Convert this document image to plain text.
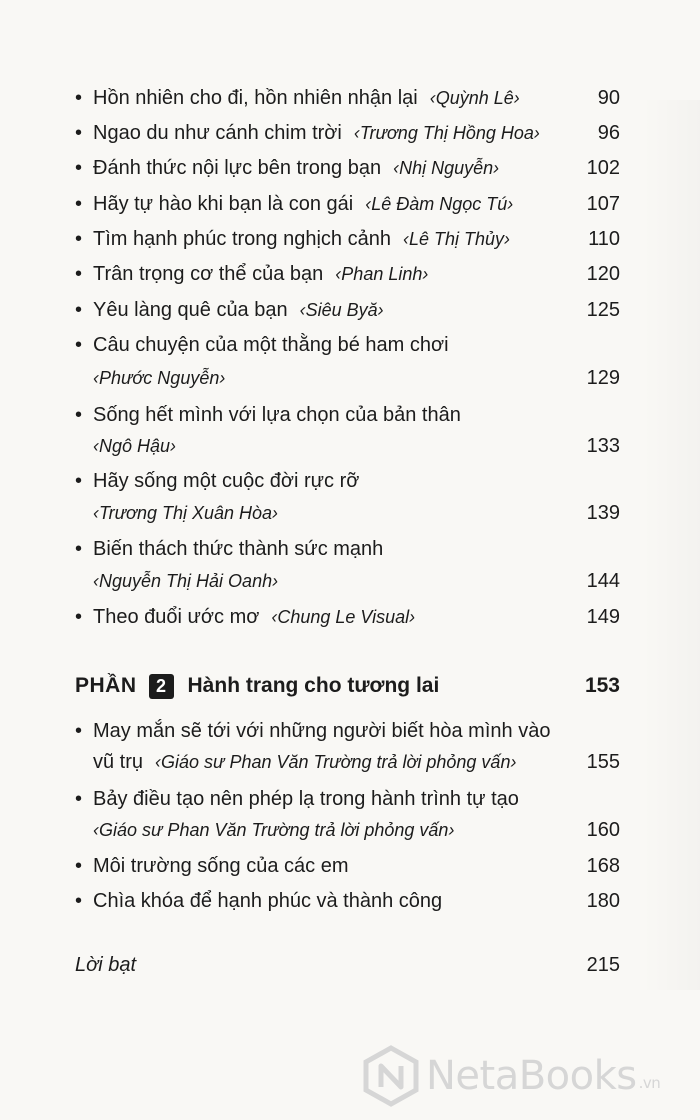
• Hồn nhiên cho đi, hồn nhiên nhận lại ‹Quỳnh Lê›	90
• Ngao du như cánh chim trời ‹Trương Thị Hồng Hoa›	96
• Đánh thức nội lực bên trong bạn ‹Nhị Nguyễn›	102
• Hãy tự hào khi bạn là con gái ‹Lê Đàm Ngọc Tú›	107
• Tìm hạnh phúc trong nghịch cảnh ‹Lê Thị Thủy›	110
• Trân trọng cơ thể của bạn ‹Phan Linh›	120
• Yêu làng quê của bạn ‹Siêu Byă›	125
• Câu chuyện của một thằng bé ham chơi
‹Phước Nguyễn›	129
• Sống hết mình với lựa chọn của bản thân
‹Ngô Hậu›	133
• Hãy sống một cuộc đời rực rỡ
‹Trương Thị Xuân Hòa›	139
• Biến thách thức thành sức mạnh
‹Nguyễn Thị Hải Oanh›	144
• Theo đuổi ước mơ ‹Chung Le Visual›	149
PHẦN	2	Hành trang cho tương lai	153
• May mắn sẽ tới với những người biết hòa mình vào
vũ trụ ‹Giáo sư Phan Văn Trường trả lời phỏng vấn›	155
• Bảy điều tạo nên phép lạ trong hành trình tự tạo
‹Giáo sư Phan Văn Trường trả lời phỏng vấn›	160
• Môi trường sống của các em	168
• Chìa khóa để hạnh phúc và thành công	180
Lời bạt	215
NetaBooks .vn
